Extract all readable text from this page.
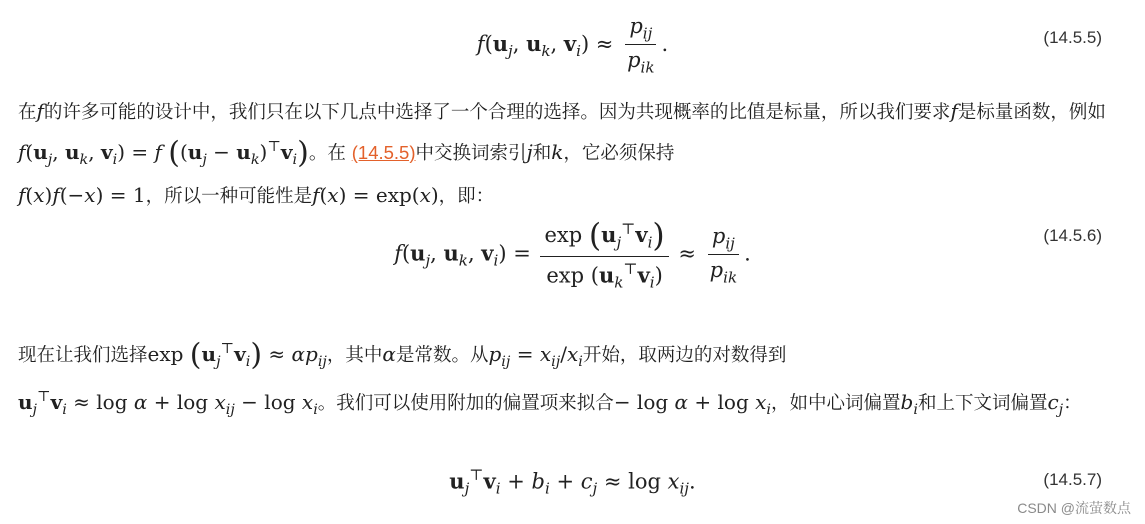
$f(u_j$, $u_k$, $v_i) \approx \frac{p_{ij}}{p_{ik}}$ .	(14.5.5)
在f的许多可能的设计中，我们只在以下几点中选择了一个合理的选择。因为共现概率的比值是标量，所以我们要求f是标量函数，例如$f(u_j$, $u_k$, $v_i) = f$ $((u_j - u_k)^⊤v_i)$。在 (14.5.5)中交换词索引j和k，它必须保持
f(x)f(−x) = 1，所以一种可能性是f(x) = exp(x)，即：
$f(u_j$, $u_k$, $v_i) = \frac{\exp (u_j^⊤v_i)}{\exp (u_k^⊤v_i)} \approx \frac{p_{ij}}{p_{ik}}$ .
(14.5.6)
现在让我们选择$\exp (u_j^⊤v_i) \approx \alpha p_{ij}$，其中α是常数。从$p_{ij} = x_{ij}/x_i$开始，取两边的对数得到
$u_j^⊤v_i \approx \log \alpha + \log x_{ij} - \log x_i$。我们可以使用附加的偏置项来拟合− $\log \alpha + \log x_i$，如中心词偏置$b_i$和上下文词偏置$c_j$：
$u_j^⊤v_i + b_i + c_j \approx \log x_{ij}$.	(14.5.7)
CSDN @流萤数点
